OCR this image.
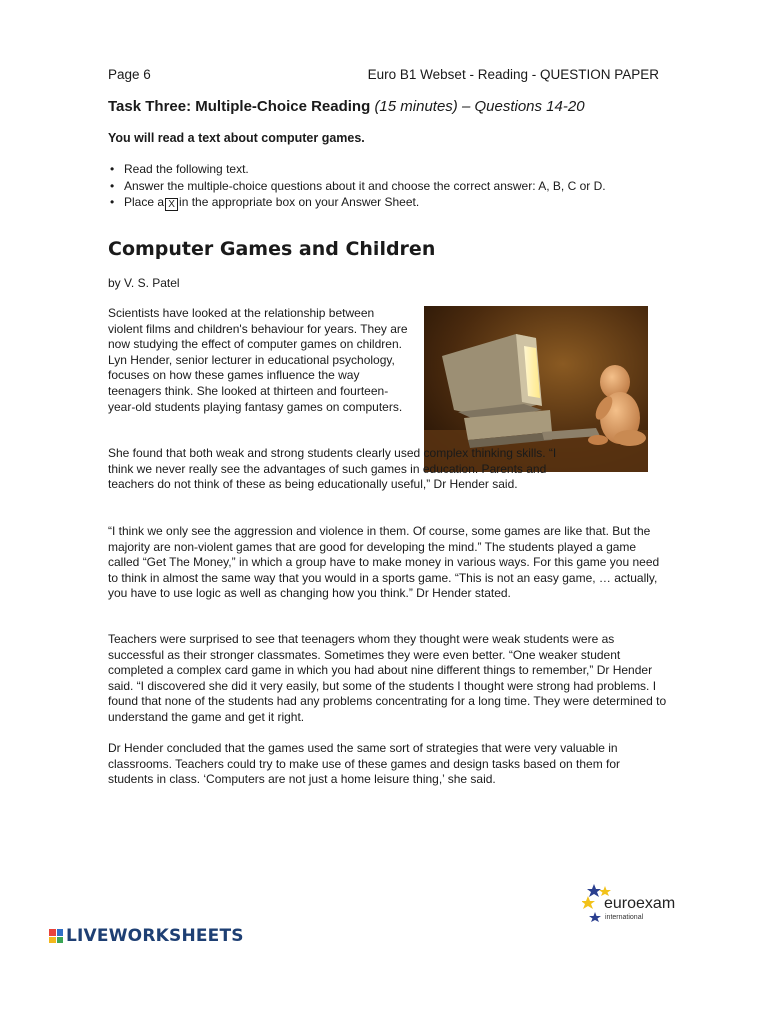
Page 6	Euro B1 Webset - Reading - QUESTION PAPER
Task Three: Multiple-Choice Reading (15 minutes) – Questions 14-20
You will read a text about computer games.
• Read the following text.
• Answer the multiple-choice questions about it and choose the correct answer: A, B, C or D.
• Place a X in the appropriate box on your Answer Sheet.
Computer Games and Children
by V. S. Patel

Scientists have looked at the relationship between violent films and children's behaviour for years. They are now studying the effect of computer games on children. Lyn Hender, senior lecturer in educational psychology, focuses on how these games influence the way teenagers think. She looked at thirteen and fourteen-year-old students playing fantasy games on computers.

She found that both weak and strong students clearly used complex thinking skills. “I think we never really see the advantages of such games in education. Parents and teachers do not think of these as being educationally useful,” Dr Hender said.

“I think we only see the aggression and violence in them. Of course, some games are like that. But the majority are non-violent games that are good for developing the mind.” The students played a game called “Get The Money,” in which a group have to make money in various ways. For this game you need to think in almost the same way that you would in a sports game. “This is not an easy game, … actually, you have to use logic as well as changing how you think.” Dr Hender stated.

Teachers were surprised to see that teenagers whom they thought were weak students were as successful as their stronger classmates. Sometimes they were even better. “One weaker student completed a complex card game in which you had about nine different things to remember,” Dr Hender said. “I discovered she did it very easily, but some of the students I thought were strong had problems. I found that none of the students had any problems concentrating for a long time. They were determined to understand the game and get it right.

Dr Hender concluded that the games used the same sort of strategies that were very valuable in classrooms. Teachers could try to make use of these games and design tasks based on them for students in class. ‘Computers are not just a home leisure thing,’ she said.

LIVEWORKSHEETS
euroexam
international
